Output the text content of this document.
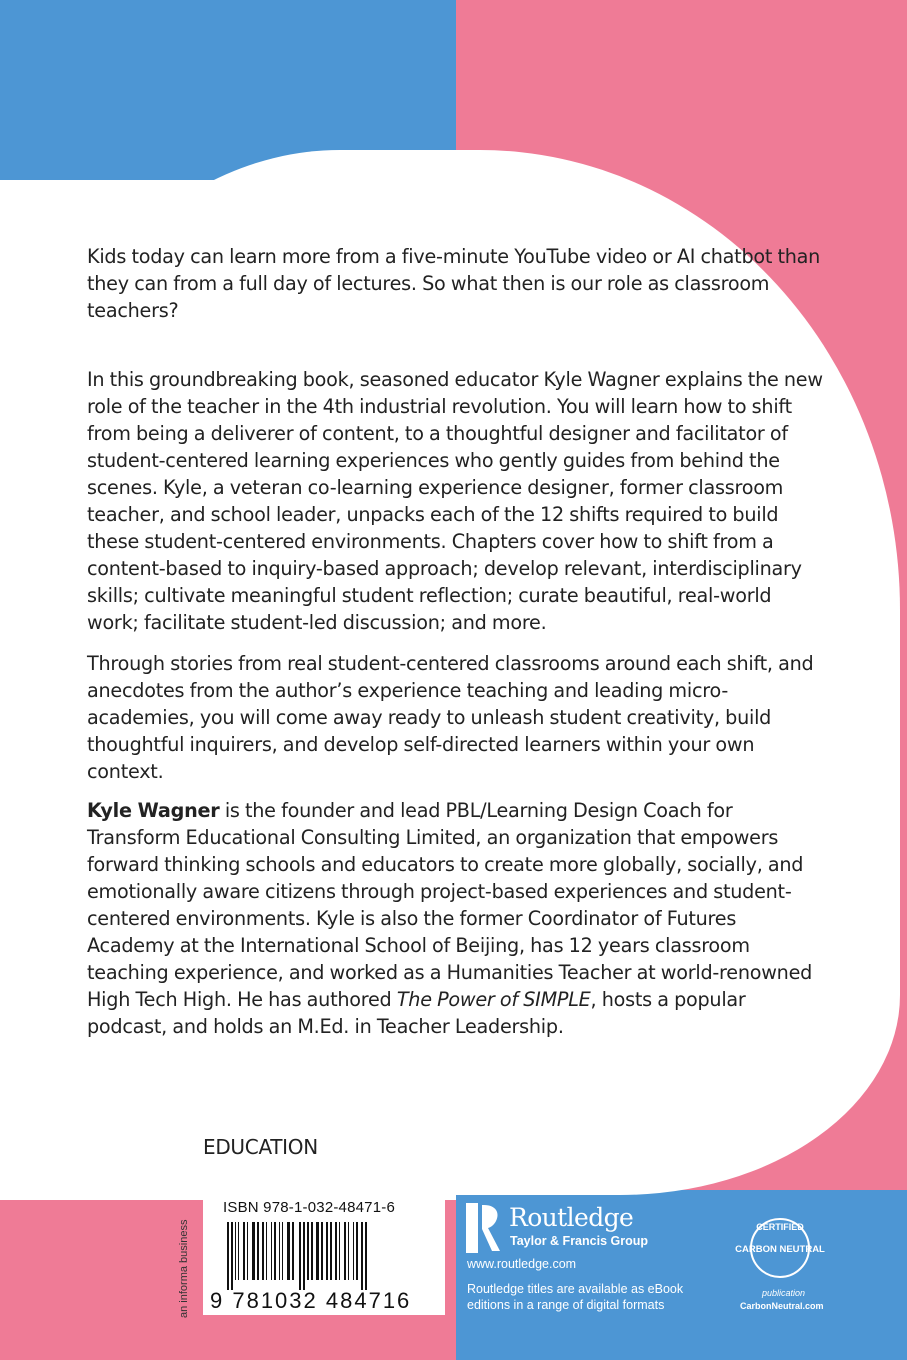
Kids today can learn more from a five-minute YouTube video or AI chatbot than they can from a full day of lectures. So what then is our role as classroom teachers?

In this groundbreaking book, seasoned educator Kyle Wagner explains the new role of the teacher in the 4th industrial revolution. You will learn how to shift from being a deliverer of content, to a thoughtful designer and facilitator of student-centered learning experiences who gently guides from behind the scenes. Kyle, a veteran co-learning experience designer, former classroom teacher, and school leader, unpacks each of the 12 shifts required to build these student-centered environments. Chapters cover how to shift from a content-based to inquiry-based approach; develop relevant, interdisciplinary skills; cultivate meaningful student reflection; curate beautiful, real-world work; facilitate student-led discussion; and more.

Through stories from real student-centered classrooms around each shift, and anecdotes from the author’s experience teaching and leading micro-academies, you will come away ready to unleash student creativity, build thoughtful inquirers, and develop self-directed learners within your own context.

Kyle Wagner is the founder and lead PBL/Learning Design Coach for Transform Educational Consulting Limited, an organization that empowers forward thinking schools and educators to create more globally, socially, and emotionally aware citizens through project-based experiences and student-centered environments. Kyle is also the former Coordinator of Futures Academy at the International School of Beijing, has 12 years classroom teaching experience, and worked as a Humanities Teacher at world-renowned High Tech High. He has authored The Power of SIMPLE, hosts a popular podcast, and holds an M.Ed. in Teacher Leadership.

EDUCATION
ISBN 978-1-032-48471-6
9 781032 484716
an informa business
Routledge
Taylor & Francis Group
www.routledge.com
Routledge titles are available as eBook editions in a range of digital formats
CERTIFIED
CARBON NEUTRAL
publication
CarbonNeutral.com
